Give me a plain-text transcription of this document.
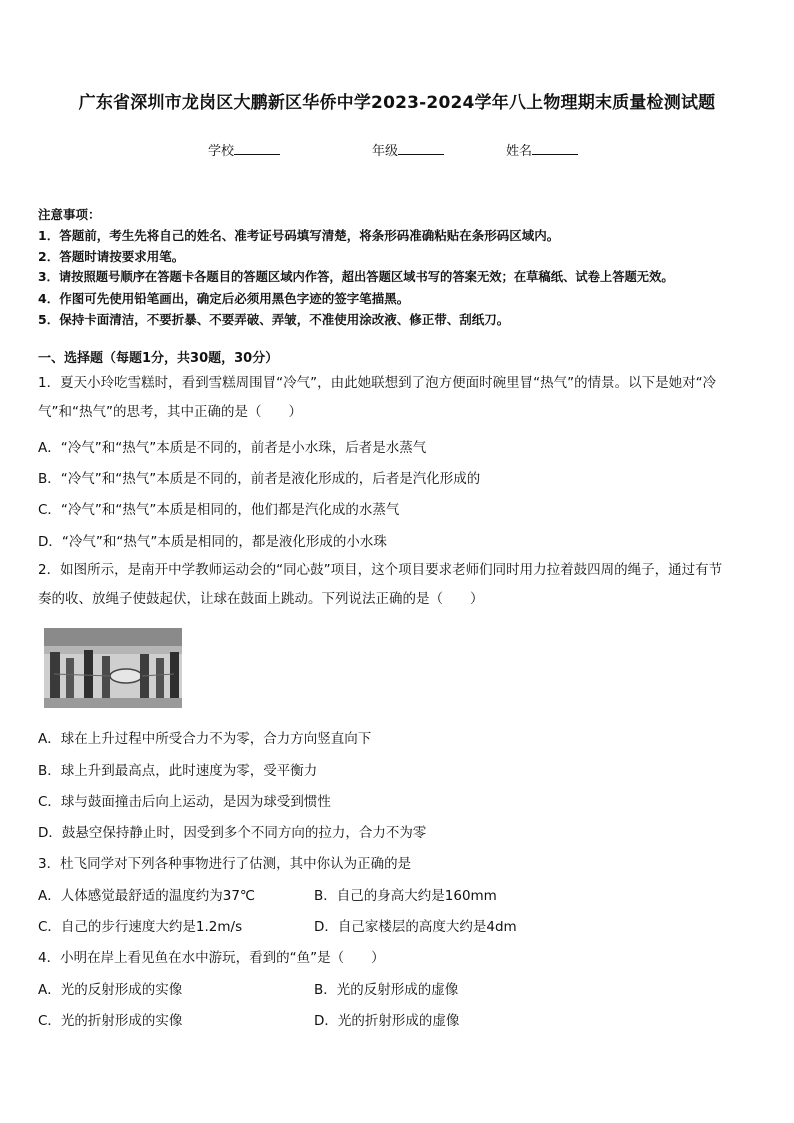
广东省深圳市龙岗区大鹏新区华侨中学2023-2024学年八上物理期末质量检测试题
学校	年级	姓名
注意事项：
1．答题前，考生先将自己的姓名、准考证号码填写清楚，将条形码准确粘贴在条形码区域内。
2．答题时请按要求用笔。
3．请按照题号顺序在答题卡各题目的答题区域内作答，超出答题区域书写的答案无效；在草稿纸、试卷上答题无效。
4．作图可先使用铅笔画出，确定后必须用黑色字迹的签字笔描黑。
5．保持卡面清洁，不要折暴、不要弄破、弄皱，不准使用涂改液、修正带、刮纸刀。
一、选择题（每题1分，共30题，30分）
1．夏天小玲吃雪糕时，看到雪糕周围冒“冷气”，由此她联想到了泡方便面时碗里冒“热气”的情景。以下是她对“冷
气”和“热气”的思考，其中正确的是（　　）
A．“冷气”和“热气”本质是不同的，前者是小水珠，后者是水蒸气
B．“冷气”和“热气”本质是不同的，前者是液化形成的，后者是汽化形成的
C．“冷气”和“热气”本质是相同的，他们都是汽化成的水蒸气
D．“冷气”和“热气”本质是相同的，都是液化形成的小水珠
2．如图所示，是南开中学教师运动会的“同心鼓”项目，这个项目要求老师们同时用力拉着鼓四周的绳子，通过有节
奏的收、放绳子使鼓起伏，让球在鼓面上跳动。下列说法正确的是（　　）
A．球在上升过程中所受合力不为零，合力方向竖直向下
B．球上升到最高点，此时速度为零，受平衡力
C．球与鼓面撞击后向上运动，是因为球受到惯性
D．鼓悬空保持静止时，因受到多个不同方向的拉力，合力不为零
3．杜飞同学对下列各种事物进行了估测，其中你认为正确的是
A．人体感觉最舒适的温度约为37℃	B．自己的身高大约是160mm
C．自己的步行速度大约是1.2m/s	D．自己家楼层的高度大约是4dm
4．小明在岸上看见鱼在水中游玩，看到的“鱼”是（　　）
A．光的反射形成的实像	B．光的反射形成的虚像
C．光的折射形成的实像	D．光的折射形成的虚像
